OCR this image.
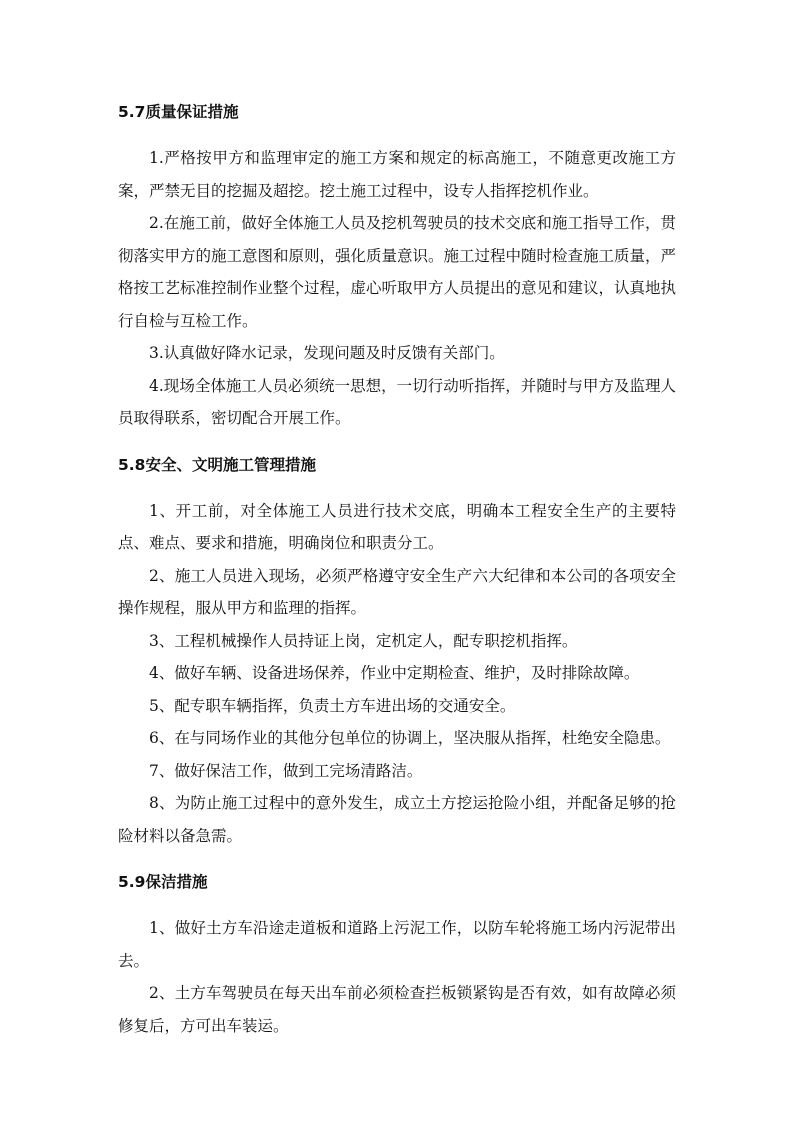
5.7质量保证措施

1.严格按甲方和监理审定的施工方案和规定的标高施工，不随意更改施工方案，严禁无目的挖掘及超挖。挖土施工过程中，设专人指挥挖机作业。

2.在施工前，做好全体施工人员及挖机驾驶员的技术交底和施工指导工作，贯彻落实甲方的施工意图和原则，强化质量意识。施工过程中随时检查施工质量，严格按工艺标准控制作业整个过程，虚心听取甲方人员提出的意见和建议，认真地执行自检与互检工作。

3.认真做好降水记录，发现问题及时反馈有关部门。

4.现场全体施工人员必须统一思想，一切行动听指挥，并随时与甲方及监理人员取得联系，密切配合开展工作。

5.8安全、文明施工管理措施

1、开工前，对全体施工人员进行技术交底，明确本工程安全生产的主要特点、难点、要求和措施，明确岗位和职责分工。

2、施工人员进入现场，必须严格遵守安全生产六大纪律和本公司的各项安全操作规程，服从甲方和监理的指挥。

3、工程机械操作人员持证上岗，定机定人，配专职挖机指挥。

4、做好车辆、设备进场保养，作业中定期检查、维护，及时排除故障。

5、配专职车辆指挥，负责土方车进出场的交通安全。

6、在与同场作业的其他分包单位的协调上，坚决服从指挥，杜绝安全隐患。

7、做好保洁工作，做到工完场清路洁。

8、为防止施工过程中的意外发生，成立土方挖运抢险小组，并配备足够的抢险材料以备急需。

5.9保洁措施

1、做好土方车沿途走道板和道路上污泥工作，以防车轮将施工场内污泥带出去。

2、土方车驾驶员在每天出车前必须检查拦板锁紧钩是否有效，如有故障必须修复后，方可出车装运。
